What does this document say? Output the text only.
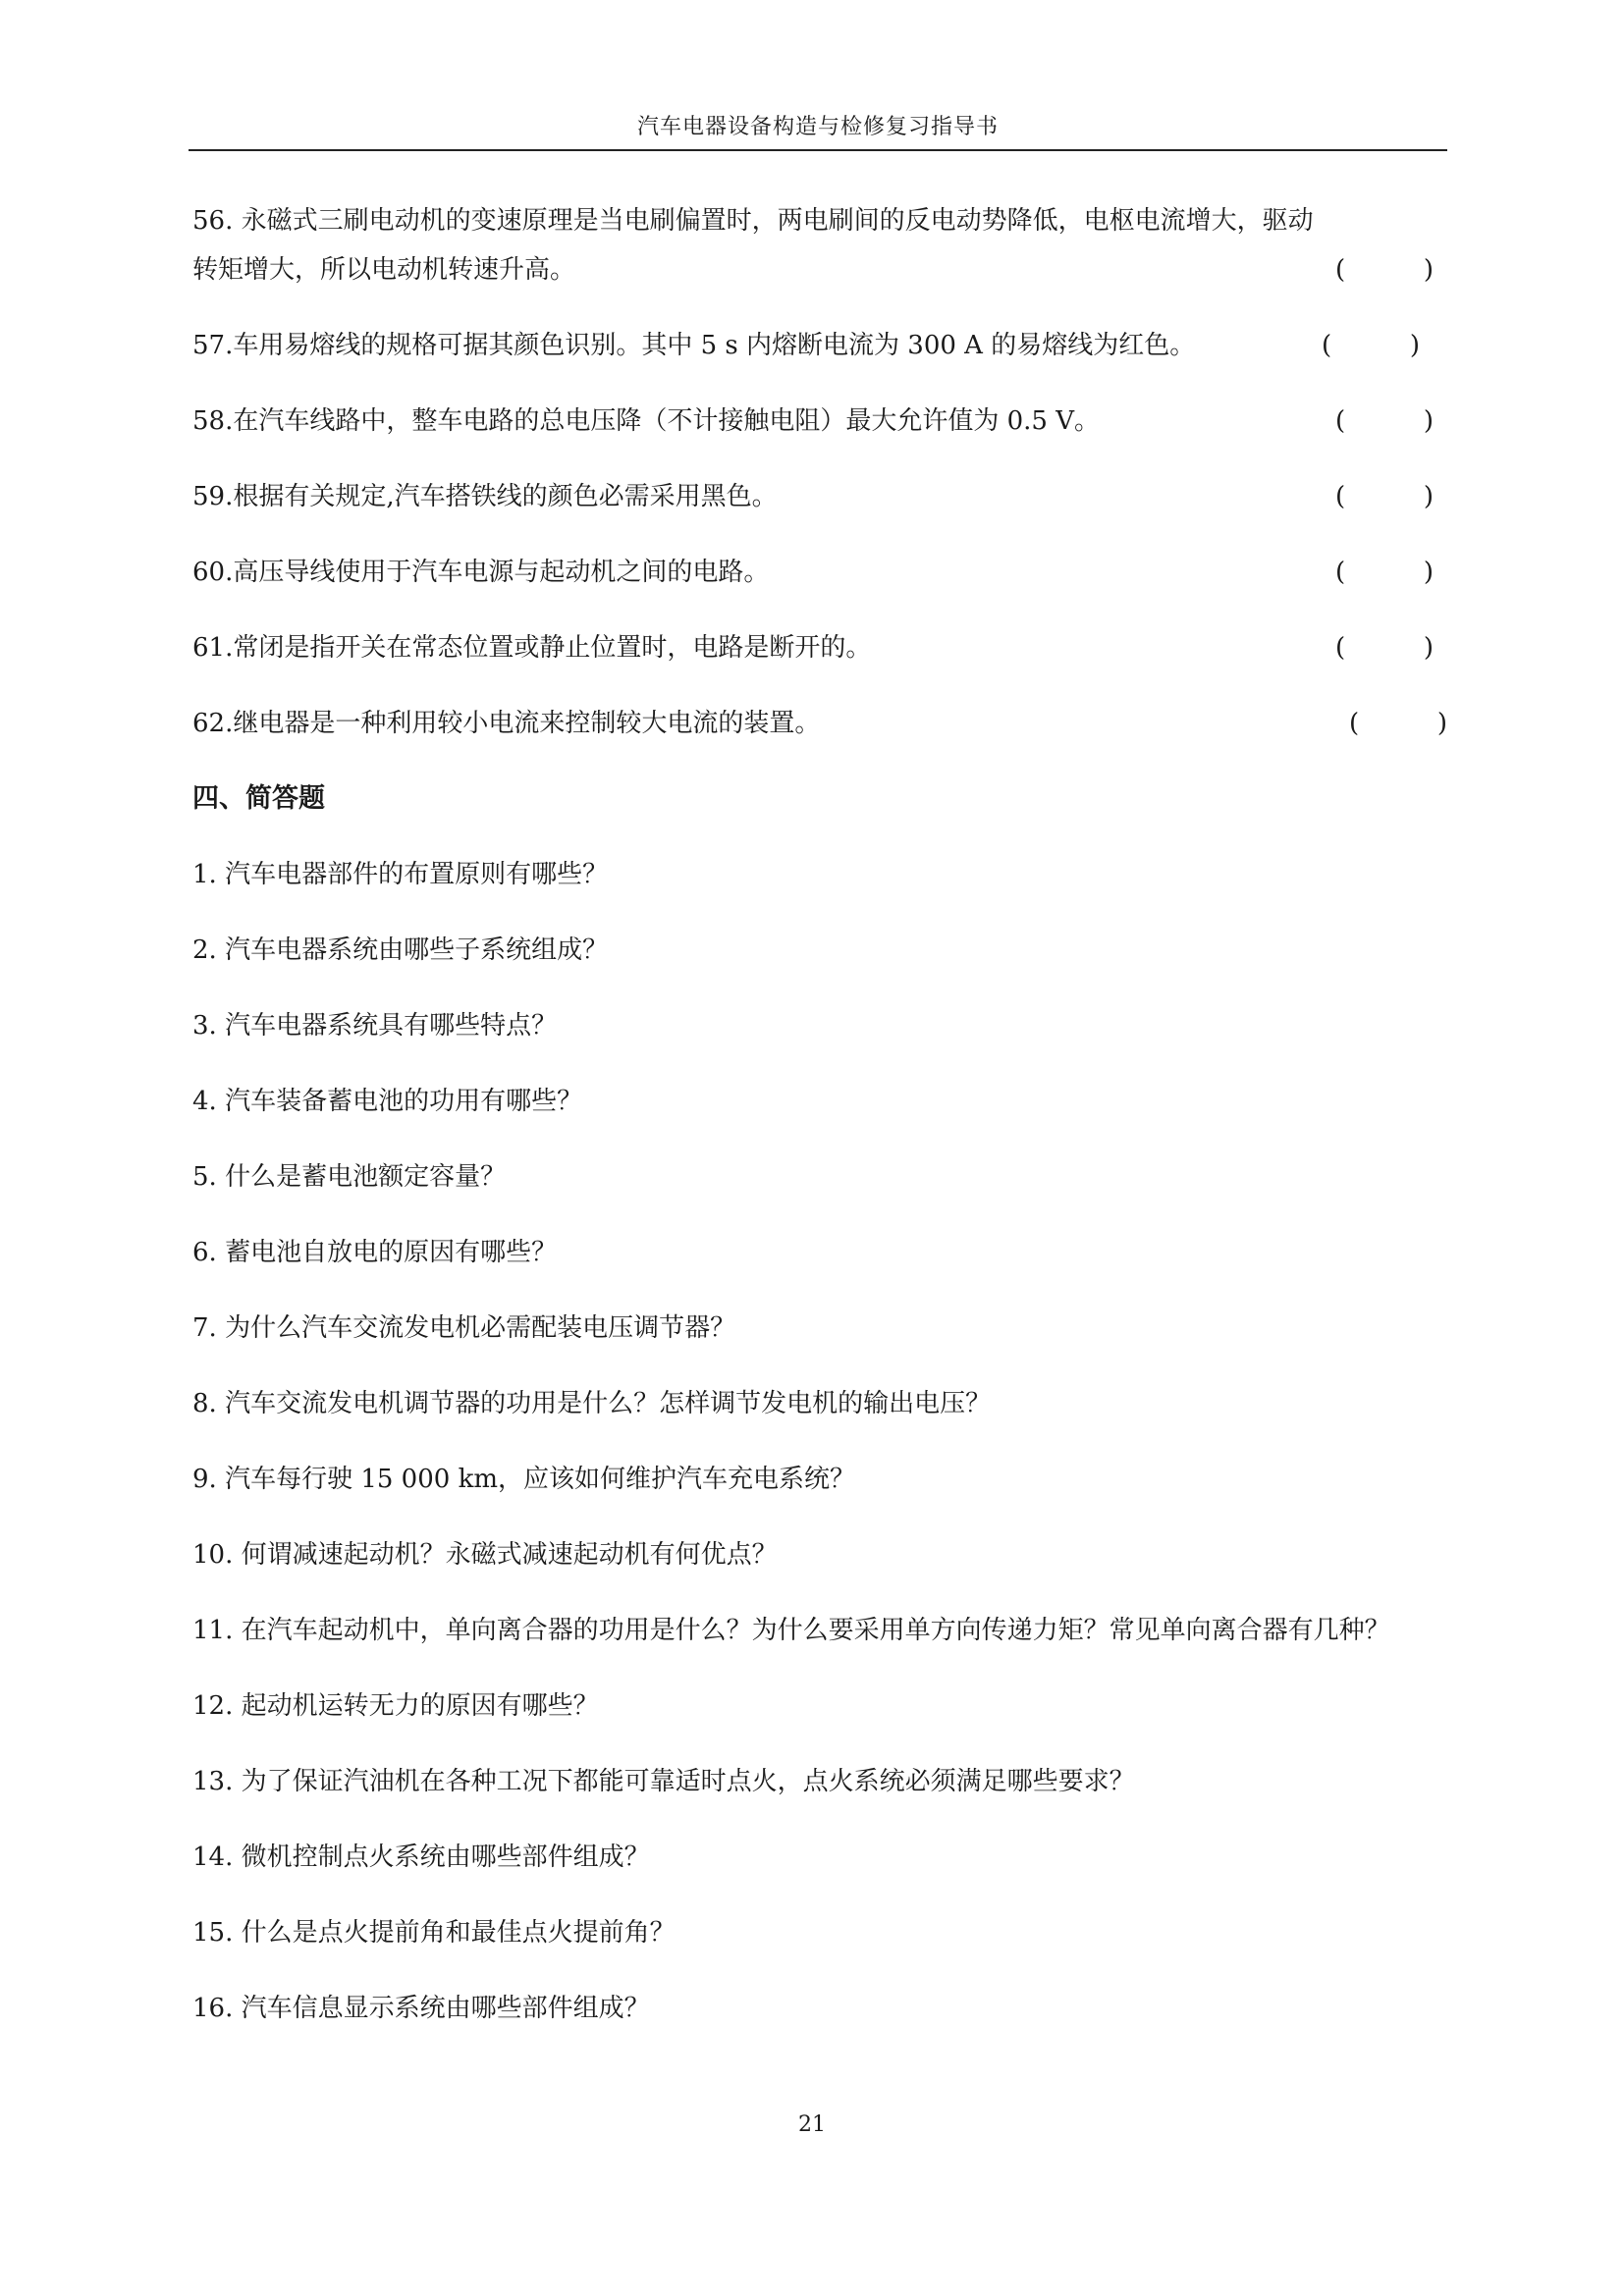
汽车电器设备构造与检修复习指导书
56. 永磁式三刷电动机的变速原理是当电刷偏置时，两电刷间的反电动势降低，电枢电流增大，驱动转矩增大，所以电动机转速升高。	(	)
57.车用易熔线的规格可据其颜色识别。其中 5 s 内熔断电流为 300 A 的易熔线为红色。	(	)
58.在汽车线路中，整车电路的总电压降（不计接触电阻）最大允许值为 0.5 V。	(	)
59.根据有关规定,汽车搭铁线的颜色必需采用黑色。	(	)
60.高压导线使用于汽车电源与起动机之间的电路。	(	)
61.常闭是指开关在常态位置或静止位置时，电路是断开的。	(	)
62.继电器是一种利用较小电流来控制较大电流的装置。	(	)
四、简答题
1. 汽车电器部件的布置原则有哪些？
2. 汽车电器系统由哪些子系统组成？
3. 汽车电器系统具有哪些特点？
4. 汽车装备蓄电池的功用有哪些？
5. 什么是蓄电池额定容量？
6. 蓄电池自放电的原因有哪些？
7. 为什么汽车交流发电机必需配装电压调节器？
8. 汽车交流发电机调节器的功用是什么？怎样调节发电机的输出电压？
9. 汽车每行驶 15 000 km，应该如何维护汽车充电系统？
10. 何谓减速起动机？永磁式减速起动机有何优点？
11. 在汽车起动机中，单向离合器的功用是什么？为什么要采用单方向传递力矩？常见单向离合器有几种？
12. 起动机运转无力的原因有哪些？
13. 为了保证汽油机在各种工况下都能可靠适时点火，点火系统必须满足哪些要求？
14. 微机控制点火系统由哪些部件组成？
15. 什么是点火提前角和最佳点火提前角？
16. 汽车信息显示系统由哪些部件组成？
21
